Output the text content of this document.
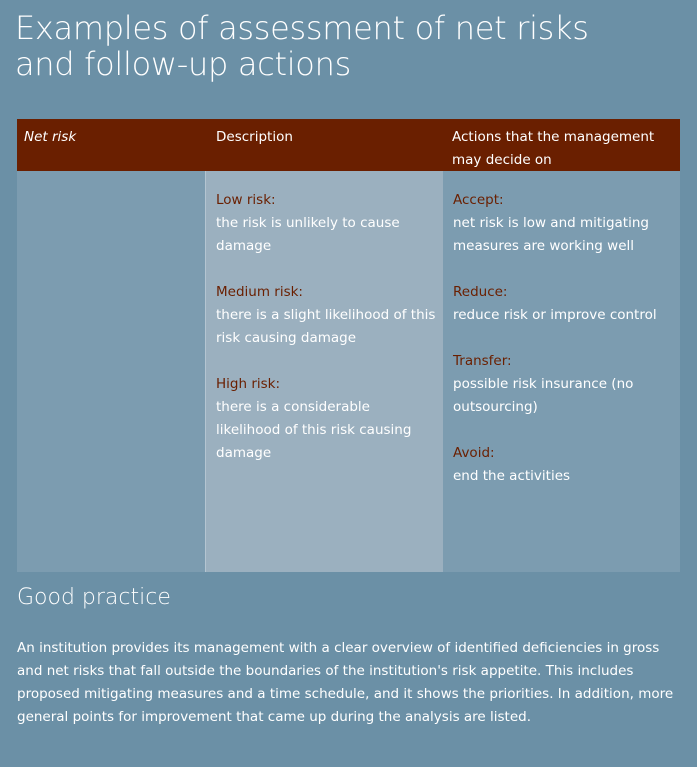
Examples of assessment of net risks
and follow-up actions
Net risk	Description	Actions that the management may decide on
Low risk:
the risk is unlikely to cause damage
Medium risk:
there is a slight likelihood of this risk causing damage
High risk:
there is a considerable likelihood of this risk causing damage
Accept:
net risk is low and mitigating measures are working well
Reduce:
reduce risk or improve control
Transfer:
possible risk insurance (no outsourcing)
Avoid:
end the activities
Good practice

An institution provides its management with a clear overview of identified deficiencies in gross and net risks that fall outside the boundaries of the institution's risk appetite. This includes proposed mitigating measures and a time schedule, and it shows the priorities. In addition, more general points for improvement that came up during the analysis are listed.
